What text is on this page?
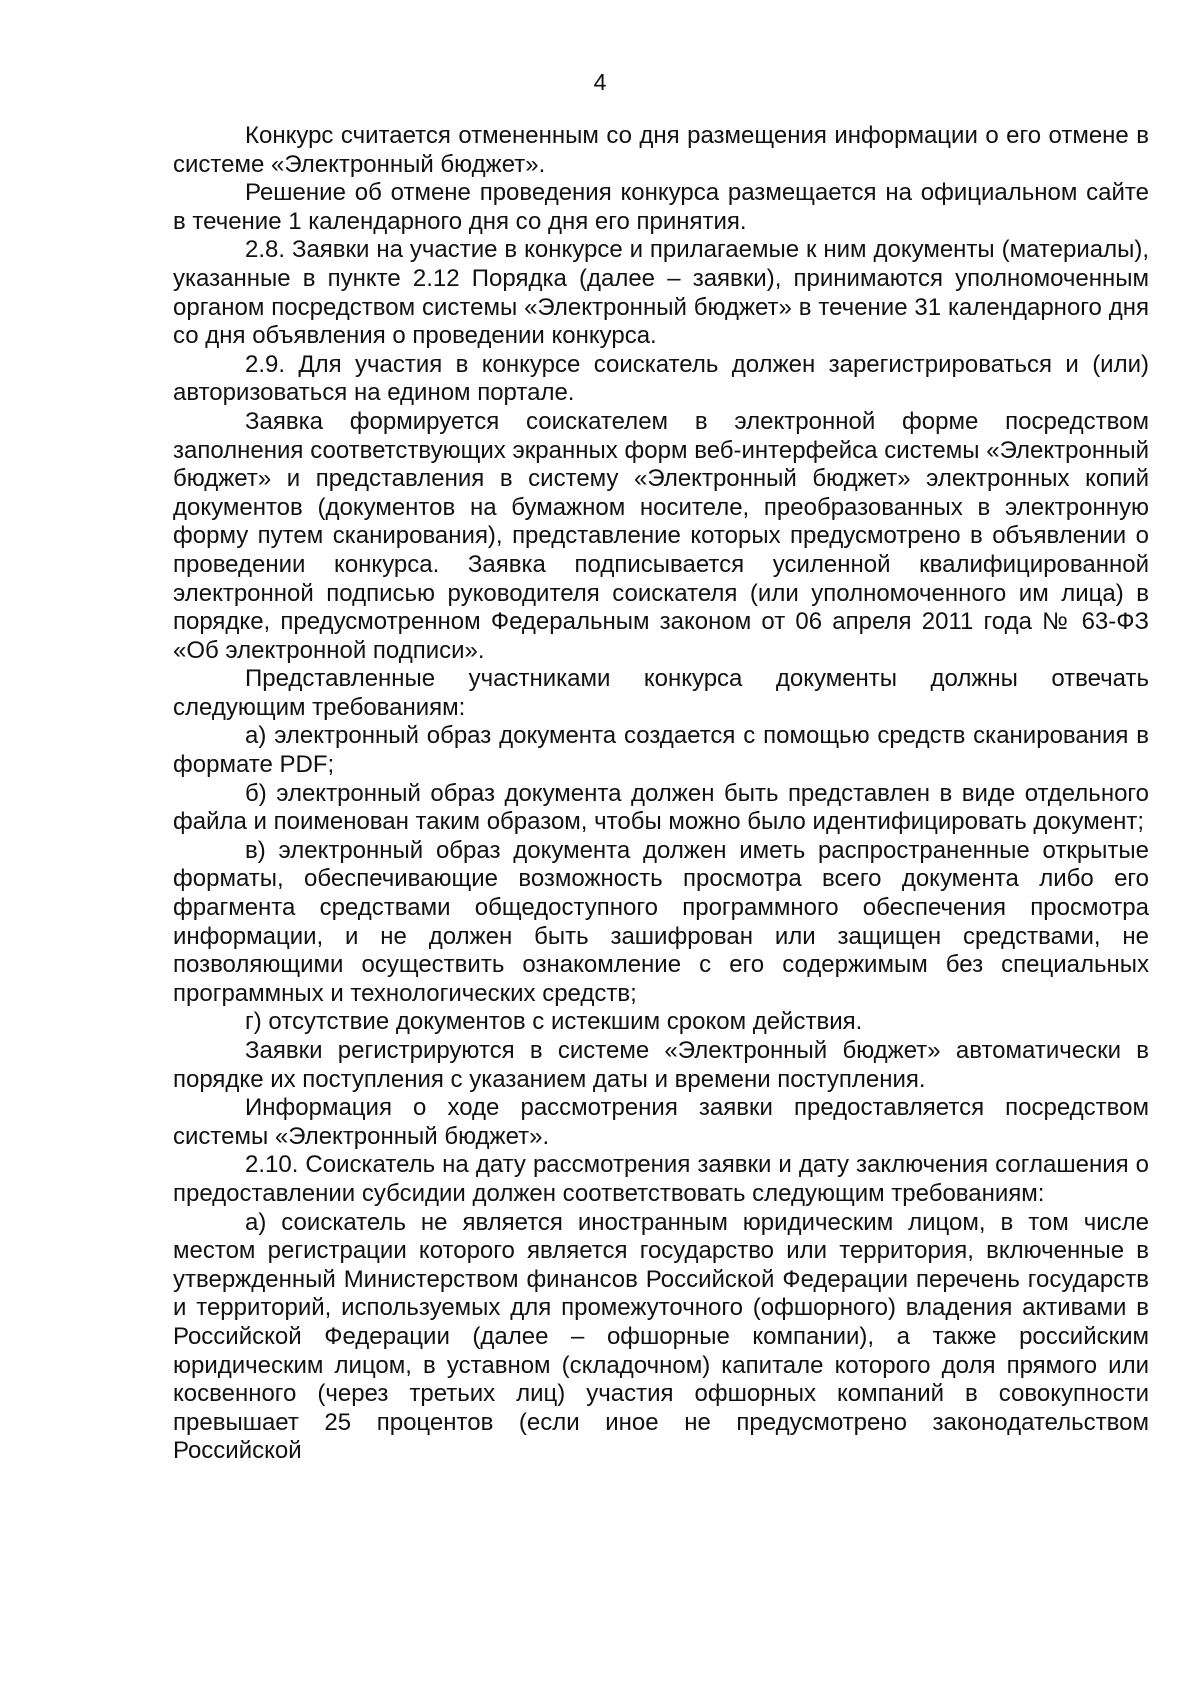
4

Конкурс считается отмененным со дня размещения информации о его отмене в системе «Электронный бюджет».

Решение об отмене проведения конкурса размещается на официальном сайте в течение 1 календарного дня со дня его принятия.

2.8. Заявки на участие в конкурсе и прилагаемые к ним документы (материалы), указанные в пункте 2.12 Порядка (далее – заявки), принимаются уполномоченным органом посредством системы «Электронный бюджет» в течение 31 календарного дня со дня объявления о проведении конкурса.

2.9. Для участия в конкурсе соискатель должен зарегистрироваться и (или) авторизоваться на едином портале.

Заявка формируется соискателем в электронной форме посредством заполнения соответствующих экранных форм веб-интерфейса системы «Электронный бюджет» и представления в систему «Электронный бюджет» электронных копий документов (документов на бумажном носителе, преобразованных в электронную форму путем сканирования), представление которых предусмотрено в объявлении о проведении конкурса. Заявка подписывается усиленной квалифицированной электронной подписью руководителя соискателя (или уполномоченного им лица) в порядке, предусмотренном Федеральным законом от 06 апреля 2011 года № 63-ФЗ «Об электронной подписи».

Представленные участниками конкурса документы должны отвечать следующим требованиям:

а) электронный образ документа создается с помощью средств сканирования в формате PDF;

б) электронный образ документа должен быть представлен в виде отдельного файла и поименован таким образом, чтобы можно было идентифицировать документ;

в) электронный образ документа должен иметь распространенные открытые форматы, обеспечивающие возможность просмотра всего документа либо его фрагмента средствами общедоступного программного обеспечения просмотра информации, и не должен быть зашифрован или защищен средствами, не позволяющими осуществить ознакомление с его содержимым без специальных программных и технологических средств;

г) отсутствие документов с истекшим сроком действия.

Заявки регистрируются в системе «Электронный бюджет» автоматически в порядке их поступления с указанием даты и времени поступления.

Информация о ходе рассмотрения заявки предоставляется посредством системы «Электронный бюджет».

2.10. Соискатель на дату рассмотрения заявки и дату заключения соглашения о предоставлении субсидии должен соответствовать следующим требованиям:

а) соискатель не является иностранным юридическим лицом, в том числе местом регистрации которого является государство или территория, включенные в утвержденный Министерством финансов Российской Федерации перечень государств и территорий, используемых для промежуточного (офшорного) владения активами в Российской Федерации (далее – офшорные компании), а также российским юридическим лицом, в уставном (складочном) капитале которого доля прямого или косвенного (через третьих лиц) участия офшорных компаний в совокупности превышает 25 процентов (если иное не предусмотрено законодательством Российской
